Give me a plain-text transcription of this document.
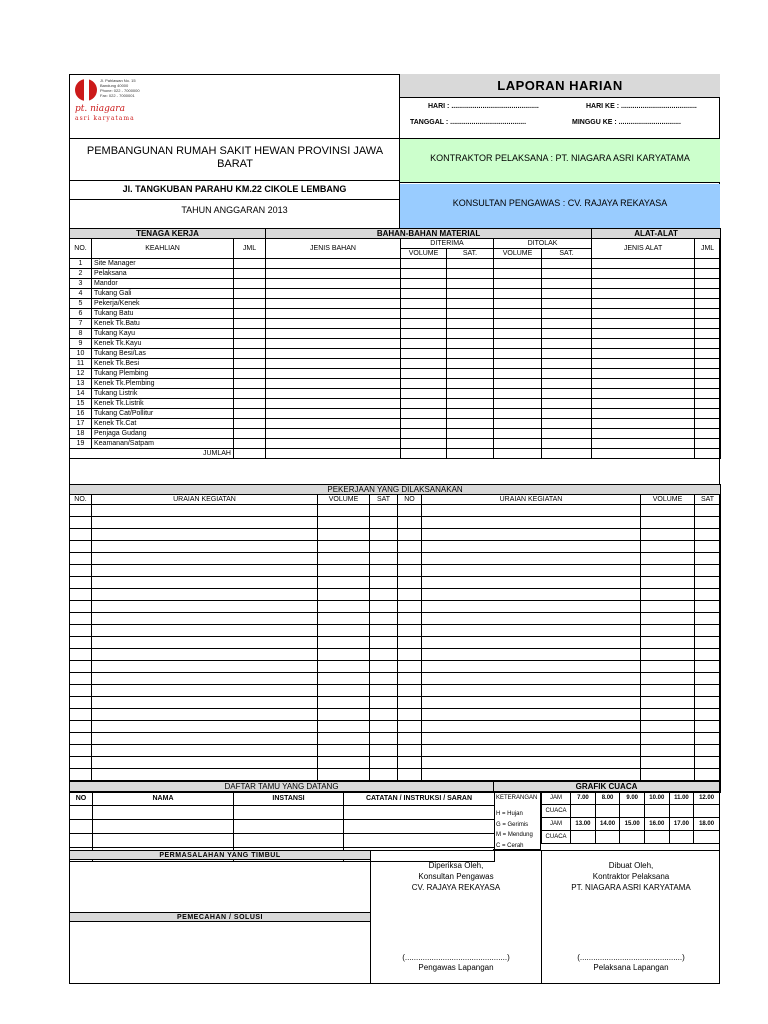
pt. niagara
asri karyatama
Jl. Pahlawan No. 15
Bandung 40000
Phone: 022 - 7000000
Fax: 022 - 7000001
LAPORAN HARIAN
HARI : .............................................	HARI KE : .......................................
TANGGAL : .......................................	MINGGU KE : ................................
PEMBANGUNAN RUMAH SAKIT HEWAN PROVINSI JAWA BARAT
Jl. TANGKUBAN PARAHU KM.22 CIKOLE LEMBANG
TAHUN ANGGARAN 2013
KONTRAKTOR PELAKSANA : PT. NIAGARA ASRI KARYATAMA
KONSULTAN PENGAWAS : CV. RAJAYA REKAYASA
TENAGA KERJA			BAHAN-BAHAN MATERIAL					ALAT-ALAT	
NO.	KEAHLIAN	JML	JENIS BAHAN	DITERIMA		DITOLAK		JENIS ALAT	JML
				VOLUME	SAT.	VOLUME	SAT.		
1	Site Manager								
2	Pelaksana								
3	Mandor								
4	Tukang Gali								
5	Pekerja/Kenek								
6	Tukang Batu								
7	Kenek Tk.Batu								
8	Tukang Kayu								
9	Kenek Tk.Kayu								
10	Tukang Besi/Las								
11	Kenek Tk.Besi								
12	Tukang Plembing								
13	Kenek Tk.Plembing								
14	Tukang Listrik								
15	Kenek Tk.Listrik								
16	Tukang Cat/Pollitur								
17	Kenek Tk.Cat								
18	Penjaga Gudang								
19	Keamanan/Satpam								
JUMLAH									
PEKERJAAN YANG DILAKSANAKAN							
NO.	URAIAN KEGIATAN	VOLUME	SAT	NO	URAIAN KEGIATAN	VOLUME	SAT

DAFTAR TAMU YANG DATANG	GRAFIK CUACA
NO	NAMA	INSTANSI	CATATAN / INSTRUKSI / SARAN

				KETERANGAN
H = Hujan
G = Gerimis
M = Mendung
C = Cerah
JAM	7.00	8.00	9.00	10.00	11.00	12.00
CUACA						
JAM	13.00	14.00	15.00	16.00	17.00	18.00
CUACA						
PERMASALAHAN YANG TIMBUL
PEMECAHAN / SOLUSI
Diperiksa Oleh,
Konsultan Pengawas
CV. RAJAYA REKAYASA
(..............................................)
Pengawas Lapangan
Dibuat Oleh,
Kontraktor Pelaksana
PT. NIAGARA ASRI KARYATAMA
(..............................................)
Pelaksana Lapangan
